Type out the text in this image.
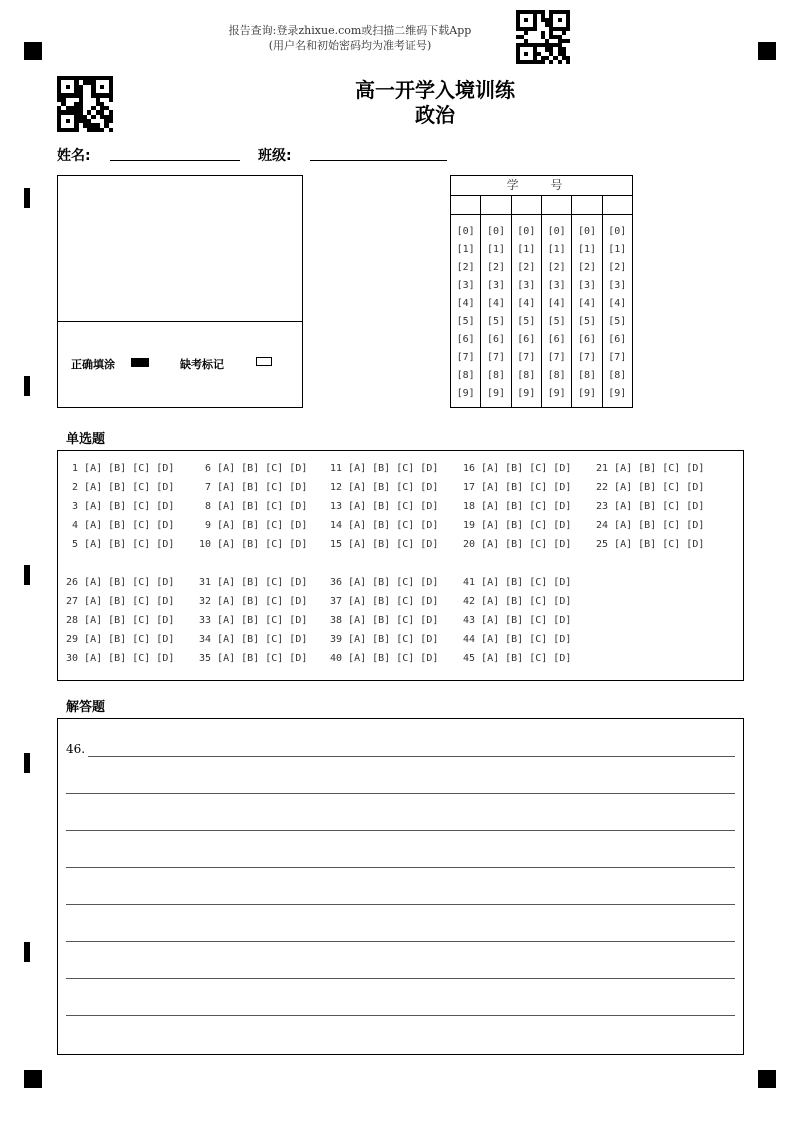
报告查询:登录zhixue.com或扫描二维码下载App
(用户名和初始密码均为准考证号)
高一开学入境训练
政治
姓名:	班级:
正确填涂	缺考标记
学 号
[0]
[1]
[2]
[3]
[4]
[5]
[6]
[7]
[8]
[9]
[0]
[1]
[2]
[3]
[4]
[5]
[6]
[7]
[8]
[9]
[0]
[1]
[2]
[3]
[4]
[5]
[6]
[7]
[8]
[9]
[0]
[1]
[2]
[3]
[4]
[5]
[6]
[7]
[8]
[9]
[0]
[1]
[2]
[3]
[4]
[5]
[6]
[7]
[8]
[9]
[0]
[1]
[2]
[3]
[4]
[5]
[6]
[7]
[8]
[9]
单选题
1 [A] [B] [C] [D]
2 [A] [B] [C] [D]
3 [A] [B] [C] [D]
4 [A] [B] [C] [D]
5 [A] [B] [C] [D]
6 [A] [B] [C] [D]
7 [A] [B] [C] [D]
8 [A] [B] [C] [D]
9 [A] [B] [C] [D]
10 [A] [B] [C] [D]
11 [A] [B] [C] [D]
12 [A] [B] [C] [D]
13 [A] [B] [C] [D]
14 [A] [B] [C] [D]
15 [A] [B] [C] [D]
16 [A] [B] [C] [D]
17 [A] [B] [C] [D]
18 [A] [B] [C] [D]
19 [A] [B] [C] [D]
20 [A] [B] [C] [D]
21 [A] [B] [C] [D]
22 [A] [B] [C] [D]
23 [A] [B] [C] [D]
24 [A] [B] [C] [D]
25 [A] [B] [C] [D]
26 [A] [B] [C] [D]
27 [A] [B] [C] [D]
28 [A] [B] [C] [D]
29 [A] [B] [C] [D]
30 [A] [B] [C] [D]
31 [A] [B] [C] [D]
32 [A] [B] [C] [D]
33 [A] [B] [C] [D]
34 [A] [B] [C] [D]
35 [A] [B] [C] [D]
36 [A] [B] [C] [D]
37 [A] [B] [C] [D]
38 [A] [B] [C] [D]
39 [A] [B] [C] [D]
40 [A] [B] [C] [D]
41 [A] [B] [C] [D]
42 [A] [B] [C] [D]
43 [A] [B] [C] [D]
44 [A] [B] [C] [D]
45 [A] [B] [C] [D]
解答题
46.
